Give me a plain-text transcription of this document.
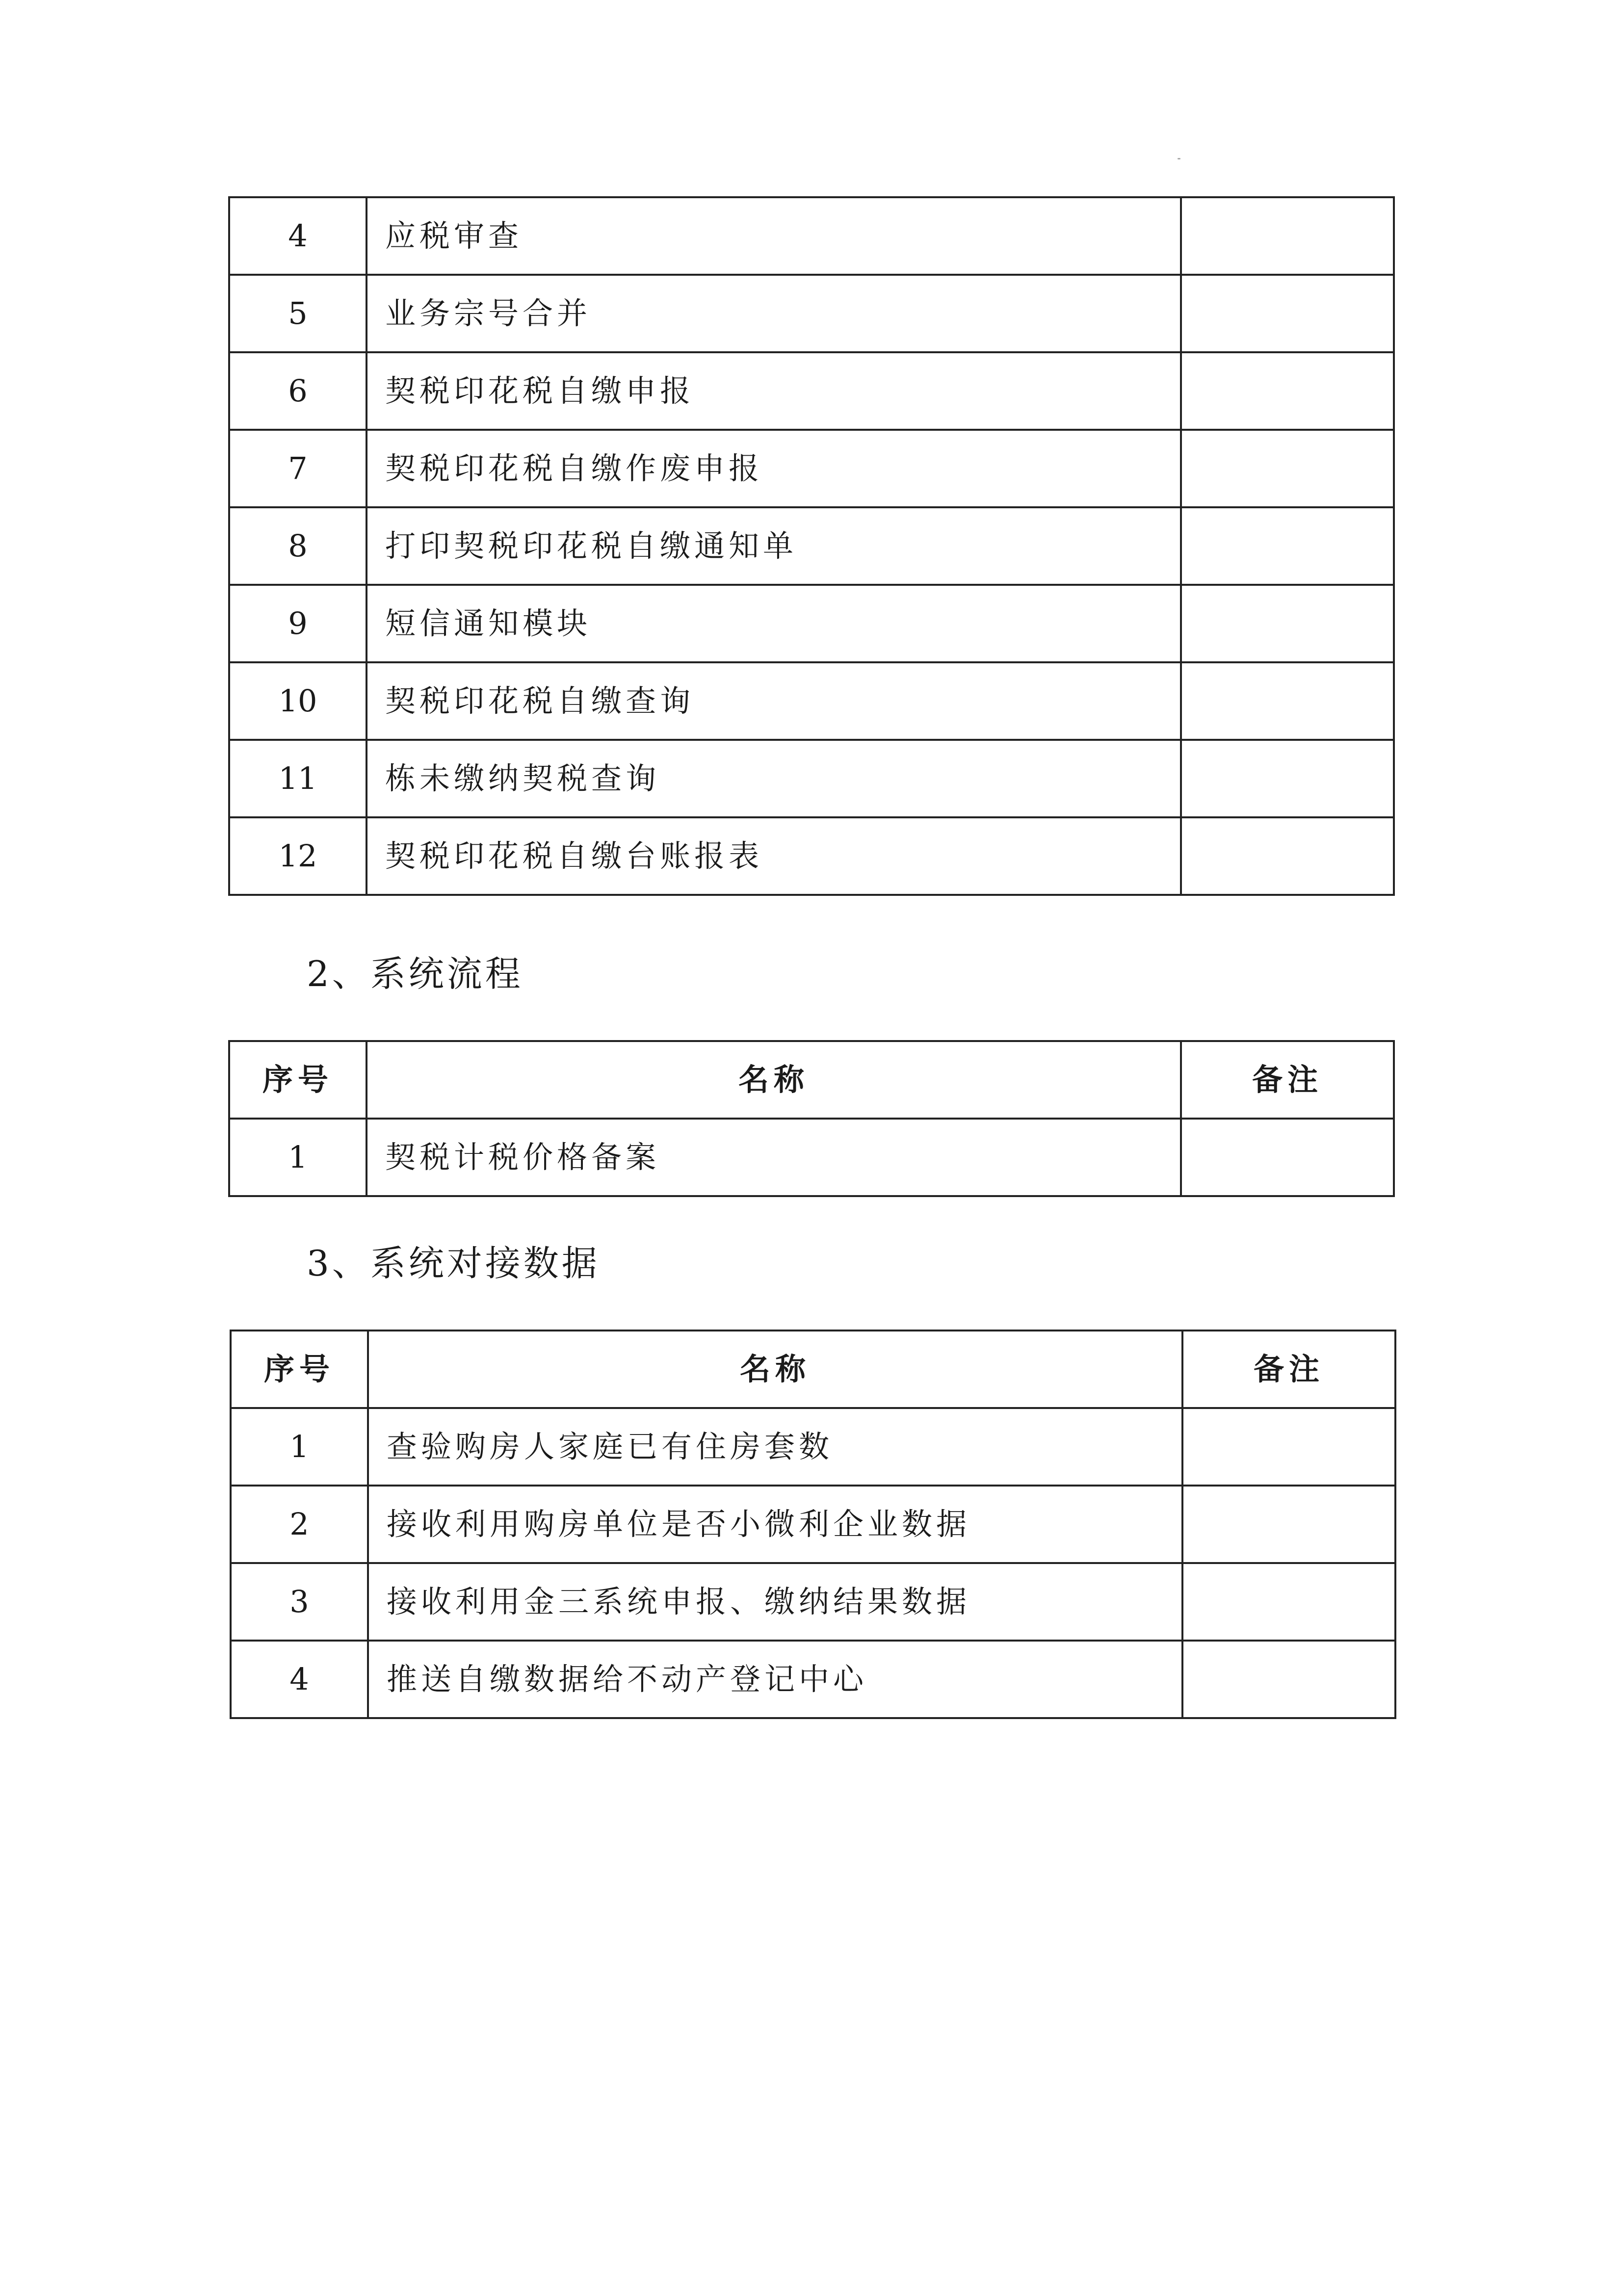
4	应税审查	
5	业务宗号合并	
6	契税印花税自缴申报	
7	契税印花税自缴作废申报	
8	打印契税印花税自缴通知单	
9	短信通知模块	
10	契税印花税自缴查询	
11	栋未缴纳契税查询	
12	契税印花税自缴台账报表	
2、系统流程
序号	名称	备注
1	契税计税价格备案	
3、系统对接数据
序号	名称	备注
1	查验购房人家庭已有住房套数	
2	接收利用购房单位是否小微利企业数据	
3	接收利用金三系统申报、缴纳结果数据	
4	推送自缴数据给不动产登记中心	
